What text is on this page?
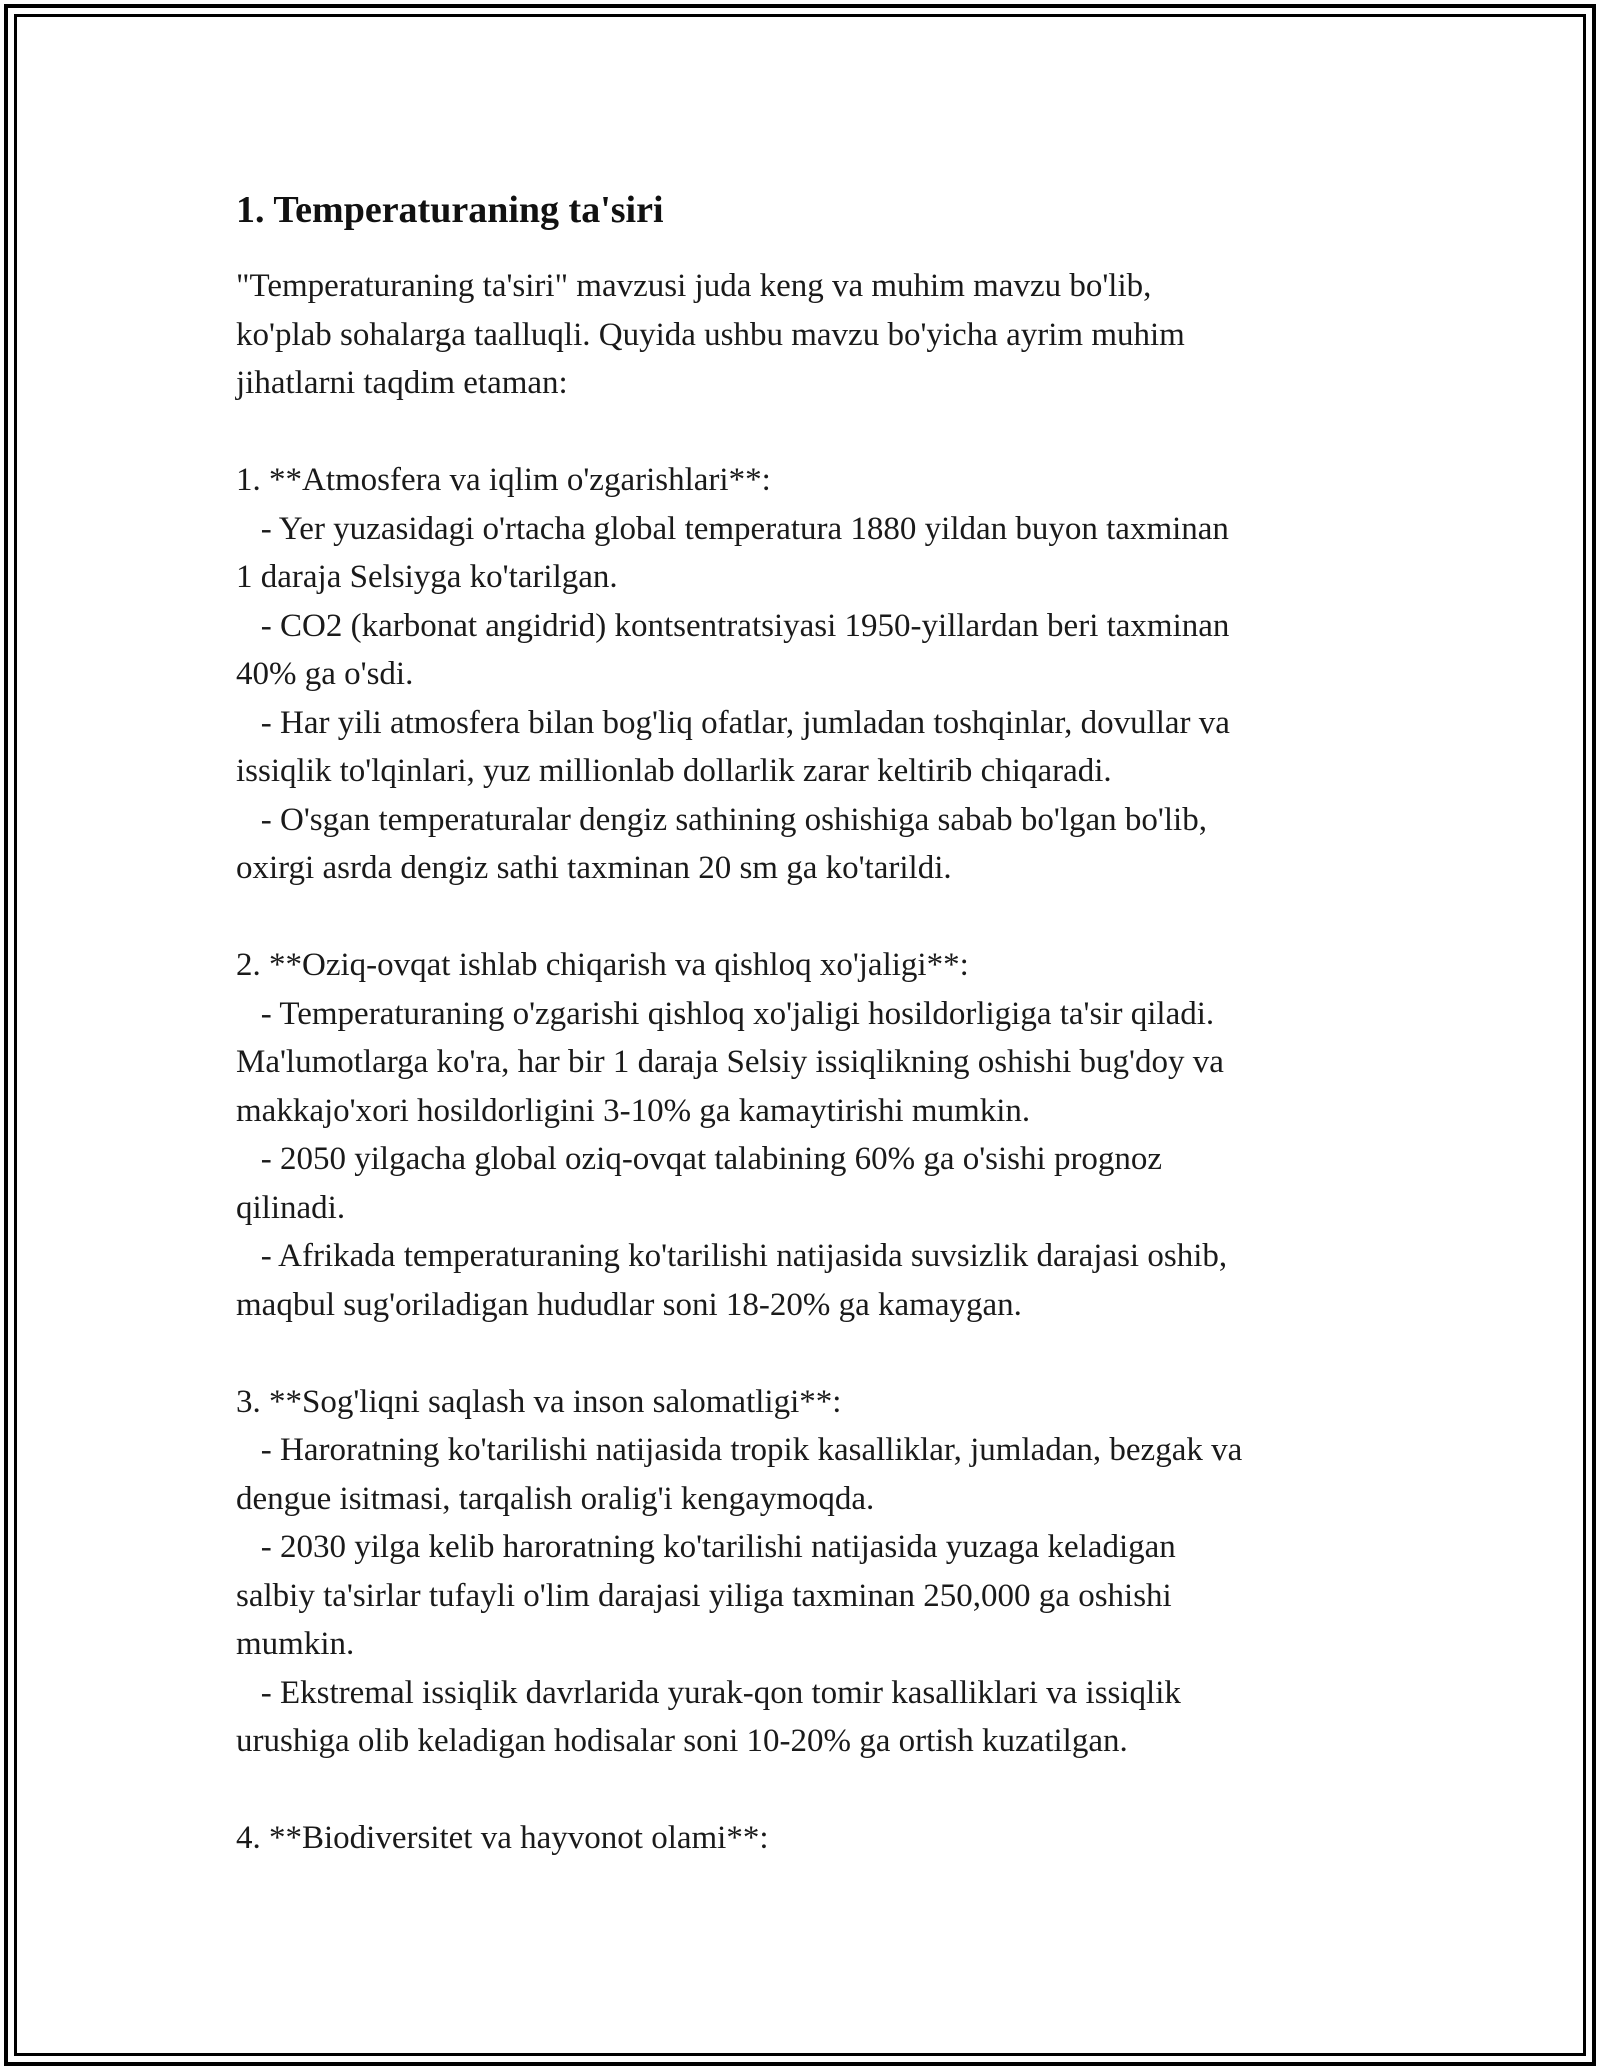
1. Temperaturaning ta'siri
"Temperaturaning ta'siri" mavzusi juda keng va muhim mavzu bo'lib,
ko'plab sohalarga taalluqli. Quyida ushbu mavzu bo'yicha ayrim muhim
jihatlarni taqdim etaman:
1. **Atmosfera va iqlim o'zgarishlari**:
- Yer yuzasidagi o'rtacha global temperatura 1880 yildan buyon taxminan
1 daraja Selsiyga ko'tarilgan.
- CO2 (karbonat angidrid) kontsentratsiyasi 1950-yillardan beri taxminan
40% ga o'sdi.
- Har yili atmosfera bilan bog'liq ofatlar, jumladan toshqinlar, dovullar va
issiqlik to'lqinlari, yuz millionlab dollarlik zarar keltirib chiqaradi.
- O'sgan temperaturalar dengiz sathining oshishiga sabab bo'lgan bo'lib,
oxirgi asrda dengiz sathi taxminan 20 sm ga ko'tarildi.
2. **Oziq-ovqat ishlab chiqarish va qishloq xo'jaligi**:
- Temperaturaning o'zgarishi qishloq xo'jaligi hosildorligiga ta'sir qiladi.
Ma'lumotlarga ko'ra, har bir 1 daraja Selsiy issiqlikning oshishi bug'doy va
makkajo'xori hosildorligini 3-10% ga kamaytirishi mumkin.
- 2050 yilgacha global oziq-ovqat talabining 60% ga o'sishi prognoz
qilinadi.
- Afrikada temperaturaning ko'tarilishi natijasida suvsizlik darajasi oshib,
maqbul sug'oriladigan hududlar soni 18-20% ga kamaygan.
3. **Sog'liqni saqlash va inson salomatligi**:
- Haroratning ko'tarilishi natijasida tropik kasalliklar, jumladan, bezgak va
dengue isitmasi, tarqalish oralig'i kengaymoqda.
- 2030 yilga kelib haroratning ko'tarilishi natijasida yuzaga keladigan
salbiy ta'sirlar tufayli o'lim darajasi yiliga taxminan 250,000 ga oshishi
mumkin.
- Ekstremal issiqlik davrlarida yurak-qon tomir kasalliklari va issiqlik
urushiga olib keladigan hodisalar soni 10-20% ga ortish kuzatilgan.
4. **Biodiversitet va hayvonot olami**:
